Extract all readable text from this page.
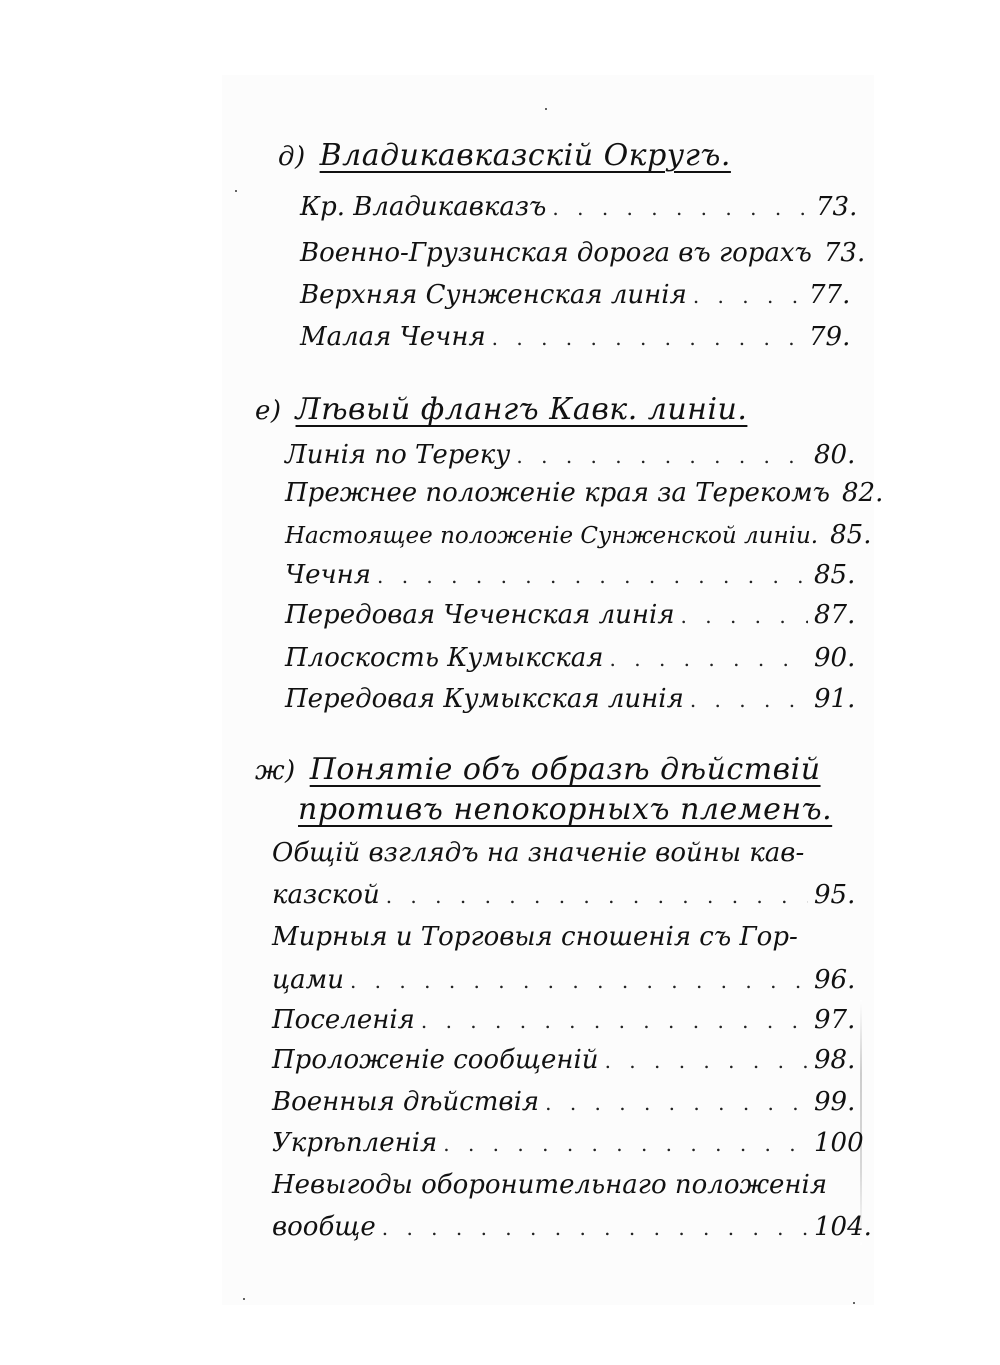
д) Владикавказскій Округъ.
Кр. Владикавказъ . . .	73.
Военно-Грузинская дорога въ горахъ 73.
Верхняя Сунженская линія . . .	77.
Малая Чечня . . .	79.
е) Лѣвый флангъ Кавк. линіи.
Линія по Тереку . . .	80.
Прежнее положеніе края за Терекомъ 82.
Настоящее положеніе Сунженской линіи. 85.
Чечня . . .	85.
Передовая Чеченская линія . . .	87.
Плоскость Кумыкская . . .	90.
Передовая Кумыкская линія . . .	91.
ж) Понятіе объ образѣ дѣйствій
противъ непокорныхъ племенъ.
Общій взглядъ на значеніе войны кав-
казской . . .	95.
Мирныя и Торговыя сношенія съ Гор-
цами . . .	96.
Поселенія . . .	97.
Проложеніе сообщеній . . .	98.
Военныя дѣйствія . . .	99.
Укрѣпленія . . .	100
Невыгоды оборонительнаго положенія
вообще . . .	104.
